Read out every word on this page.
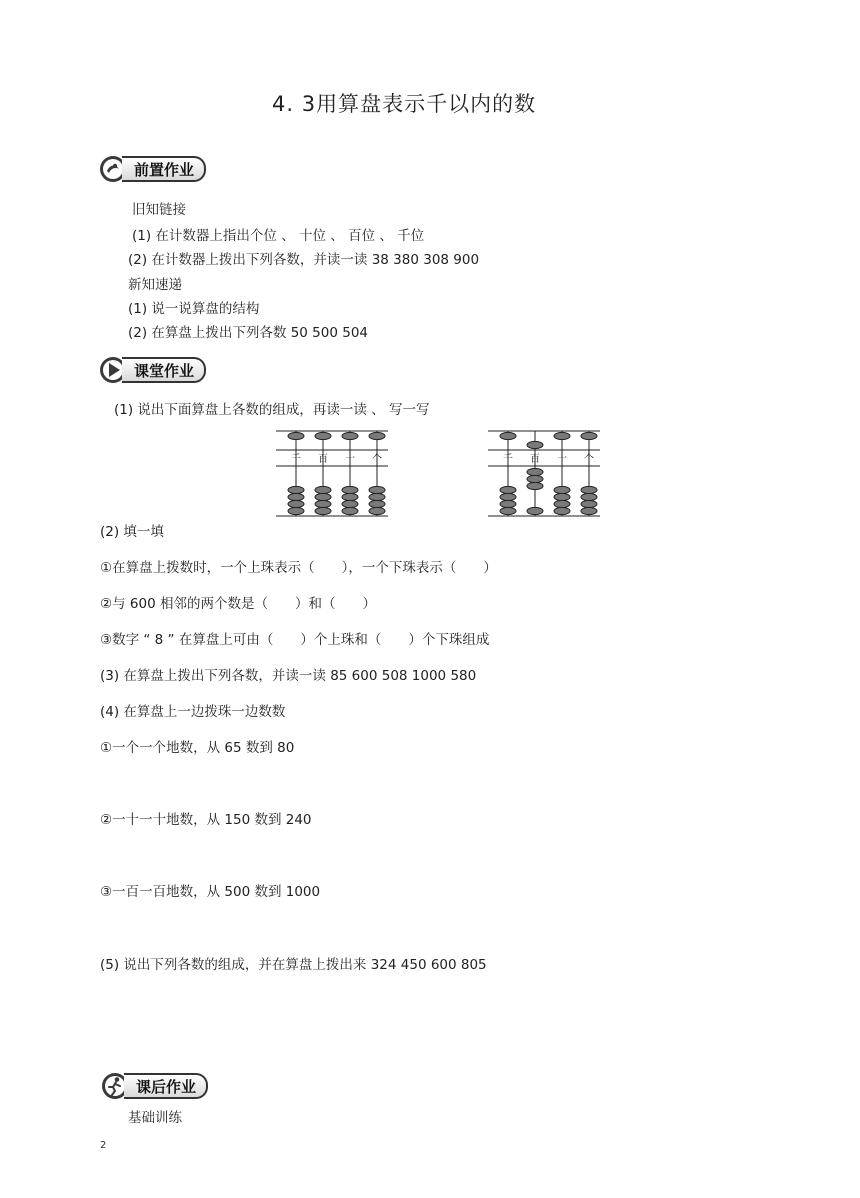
4. 3用算盘表示千以内的数
前置作业
旧知链接
(1) 在计数器上指出个位 、 十位 、 百位 、 千位
(2) 在计数器上拨出下列各数，并读一读 38 380 308 900
新知速递
(1) 说一说算盘的结构
(2) 在算盘上拨出下列各数 50 500 504
课堂作业
(1) 说出下面算盘上各数的组成，再读一读 、 写一写
千 百 十 个	千 百 十 个
(2) 填一填
①在算盘上拨数时，一个上珠表示（　　），一个下珠表示（　　）
②与 600 相邻的两个数是（　　）和（　　）
③数字 “ 8 ” 在算盘上可由（　　）个上珠和（　　）个下珠组成
(3) 在算盘上拨出下列各数，并读一读 85 600 508 1000 580
(4) 在算盘上一边拨珠一边数数
①一个一个地数，从 65 数到 80
②一十一十地数，从 150 数到 240
③一百一百地数，从 500 数到 1000
(5) 说出下列各数的组成，并在算盘上拨出来 324 450 600 805
课后作业
基础训练
2
